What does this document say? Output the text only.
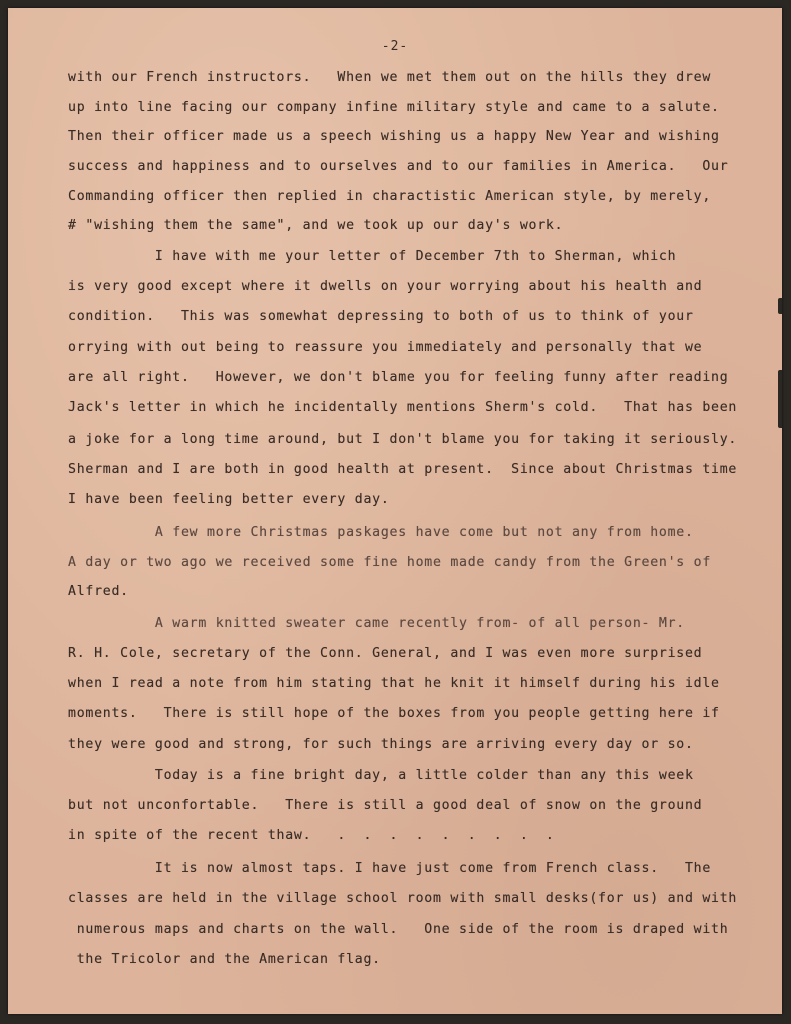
-2-

with our French instructors.   When we met them out on the hills they drew

up into line facing our company infine military style and came to a salute.

Then their officer made us a speech wishing us a happy New Year and wishing

success and happiness and to ourselves and to our families in America.   Our

Commanding officer then replied in charactistic American style, by merely,

# "wishing them the same", and we took up our day's work.

I have with me your letter of December 7th to Sherman, which

is very good except where it dwells on your worrying about his health and

condition.   This was somewhat depressing to both of us to think of your

orrying with out being to reassure you immediately and personally that we

are all right.   However, we don't blame you for feeling funny after reading

Jack's letter in which he incidentally mentions Sherm's cold.   That has been

a joke for a long time around, but I don't blame you for taking it seriously.

Sherman and I are both in good health at present.  Since about Christmas time

I have been feeling better every day.

A few more Christmas paskages have come but not any from home.

A day or two ago we received some fine home made candy from the Green's of

Alfred.

A warm knitted sweater came recently from- of all person- Mr.

R. H. Cole, secretary of the Conn. General, and I was even more surprised

when I read a note from him stating that he knit it himself during his idle

moments.   There is still hope of the boxes from you people getting here if

they were good and strong, for such things are arriving every day or so.

Today is a fine bright day, a little colder than any this week

but not unconfortable.   There is still a good deal of snow on the ground

in spite of the recent thaw.   .  .  .  .  .  .  .  .  .

It is now almost taps. I have just come from French class.   The

classes are held in the village school room with small desks(for us) and with

numerous maps and charts on the wall.   One side of the room is draped with

the Tricolor and the American flag.
